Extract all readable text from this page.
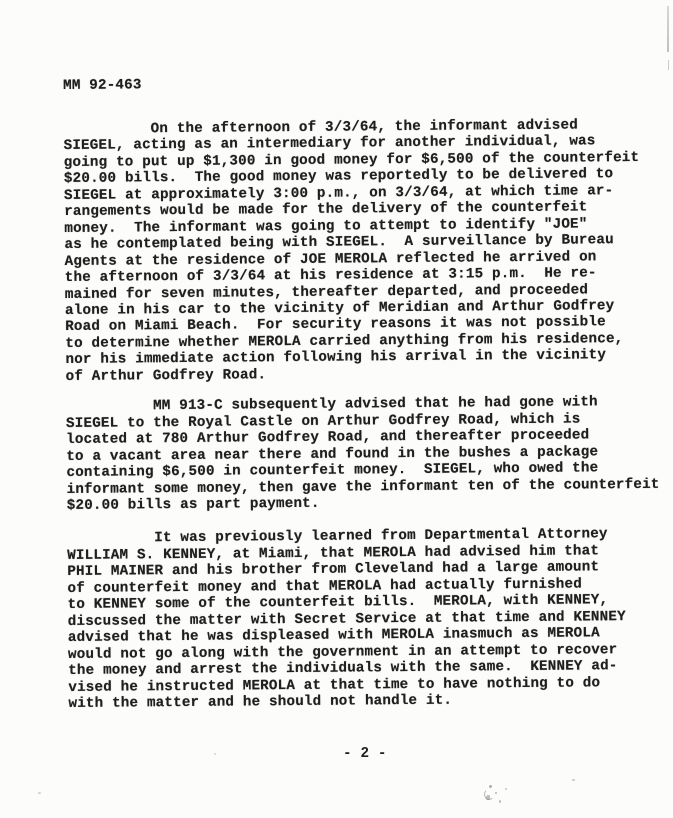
MM 92-463

On the afternoon of 3/3/64, the informant advised
SIEGEL, acting as an intermediary for another individual, was
going to put up $1,300 in good money for $6,500 of the counterfeit
$20.00 bills.  The good money was reportedly to be delivered to
SIEGEL at approximately 3:00 p.m., on 3/3/64, at which time ar-
rangements would be made for the delivery of the counterfeit
money.  The informant was going to attempt to identify "JOE"
as he contemplated being with SIEGEL.  A surveillance by Bureau
Agents at the residence of JOE MEROLA reflected he arrived on
the afternoon of 3/3/64 at his residence at 3:15 p.m.  He re-
mained for seven minutes, thereafter departed, and proceeded
alone in his car to the vicinity of Meridian and Arthur Godfrey
Road on Miami Beach.  For security reasons it was not possible
to determine whether MEROLA carried anything from his residence,
nor his immediate action following his arrival in the vicinity
of Arthur Godfrey Road.

MM 913-C subsequently advised that he had gone with
SIEGEL to the Royal Castle on Arthur Godfrey Road, which is
located at 780 Arthur Godfrey Road, and thereafter proceeded
to a vacant area near there and found in the bushes a package
containing $6,500 in counterfeit money.  SIEGEL, who owed the
informant some money, then gave the informant ten of the counterfeit
$20.00 bills as part payment.

It was previously learned from Departmental Attorney
WILLIAM S. KENNEY, at Miami, that MEROLA had advised him that
PHIL MAINER and his brother from Cleveland had a large amount
of counterfeit money and that MEROLA had actually furnished
to KENNEY some of the counterfeit bills.  MEROLA, with KENNEY,
discussed the matter with Secret Service at that time and KENNEY
advised that he was displeased with MEROLA inasmuch as MEROLA
would not go along with the government in an attempt to recover
the money and arrest the individuals with the same.  KENNEY ad-
vised he instructed MEROLA at that time to have nothing to do
with the matter and he should not handle it.

- 2 -
